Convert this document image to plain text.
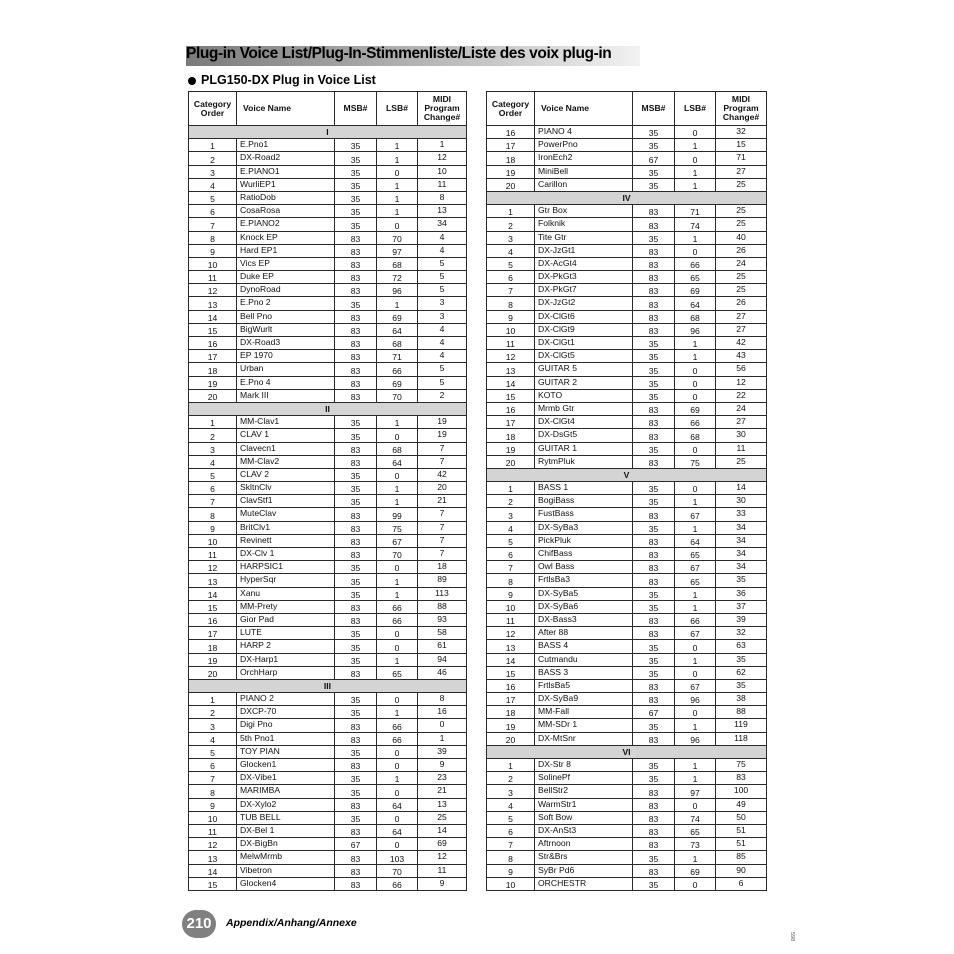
Plug-in Voice List/Plug-In-Stimmenliste/Liste des voix plug-in
PLG150-DX Plug in Voice List
Category
Order	Voice Name	MSB#	LSB#	MIDI
Program
Change#
I				
1	E.Pno1	35	1	1
2	DX-Road2	35	1	12
3	E.PIANO1	35	0	10
4	WurliEP1	35	1	11
5	RatioDob	35	1	8
6	CosaRosa	35	1	13
7	E.PIANO2	35	0	34
8	Knock EP	83	70	4
9	Hard EP1	83	97	4
10	Vics EP	83	68	5
11	Duke EP	83	72	5
12	DynoRoad	83	96	5
13	E.Pno 2	35	1	3
14	Bell Pno	83	69	3
15	BigWurlt	83	64	4
16	DX-Road3	83	68	4
17	EP 1970	83	71	4
18	Urban	83	66	5
19	E.Pno 4	83	69	5
20	Mark III	83	70	2
II				
1	MM-Clav1	35	1	19
2	CLAV 1	35	0	19
3	Clavecn1	83	68	7
4	MM-Clav2	83	64	7
5	CLAV 2	35	0	42
6	SkltnClv	35	1	20
7	ClavStf1	35	1	21
8	MuteClav	83	99	7
9	BritClv1	83	75	7
10	Revinett	83	67	7
11	DX-Clv 1	83	70	7
12	HARPSIC1	35	0	18
13	HyperSqr	35	1	89
14	Xanu	35	1	113
15	MM-Prety	83	66	88
16	Gior Pad	83	66	93
17	LUTE	35	0	58
18	HARP 2	35	0	61
19	DX-Harp1	35	1	94
20	OrchHarp	83	65	46
III				
1	PIANO 2	35	0	8
2	DXCP-70	35	1	16
3	Digi Pno	83	66	0
4	5th Pno1	83	66	1
5	TOY PIAN	35	0	39
6	Glocken1	83	0	9
7	DX-Vibe1	35	1	23
8	MARIMBA	35	0	21
9	DX-Xylo2	83	64	13
10	TUB BELL	35	0	25
11	DX-Bel 1	83	64	14
12	DX-BigBn	67	0	69
13	MelwMrmb	83	103	12
14	Vibetron	83	70	11
15	Glocken4	83	66	9
Category
Order	Voice Name	MSB#	LSB#	MIDI
Program
Change#
16	PIANO 4	35	0	32
17	PowerPno	35	1	15
18	IronEch2	67	0	71
19	MiniBell	35	1	27
20	Carillon	35	1	25
IV				
1	Gtr Box	83	71	25
2	Folknik	83	74	25
3	Tite Gtr	35	1	40
4	DX-JzGt1	83	0	26
5	DX-AcGt4	83	66	24
6	DX-PkGt3	83	65	25
7	DX-PkGt7	83	69	25
8	DX-JzGt2	83	64	26
9	DX-ClGt6	83	68	27
10	DX-ClGt9	83	96	27
11	DX-ClGt1	35	1	42
12	DX-ClGt5	35	1	43
13	GUITAR 5	35	0	56
14	GUITAR 2	35	0	12
15	KOTO	35	0	22
16	Mrmb Gtr	83	69	24
17	DX-ClGt4	83	66	27
18	DX-DsGt5	83	68	30
19	GUITAR 1	35	0	11
20	RytmPluk	83	75	25
V				
1	BASS 1	35	0	14
2	BogiBass	35	1	30
3	FustBass	83	67	33
4	DX-SyBa3	35	1	34
5	PickPluk	83	64	34
6	ChifBass	83	65	34
7	Owl Bass	83	67	34
8	FrtlsBa3	83	65	35
9	DX-SyBa5	35	1	36
10	DX-SyBa6	35	1	37
11	DX-Bass3	83	66	39
12	After 88	83	67	32
13	BASS 4	35	0	63
14	Cutmandu	35	1	35
15	BASS 3	35	0	62
16	FrtlsBa5	83	67	35
17	DX-SyBa9	83	96	38
18	MM-Fall	67	0	88
19	MM-SDr 1	35	1	119
20	DX-MtSnr	83	96	118
VI				
1	DX-Str 8	35	1	75
2	SolinePf	35	1	83
3	BellStr2	83	97	100
4	WarmStr1	83	0	49
5	Soft Bow	83	74	50
6	DX-AnSt3	83	65	51
7	Aftrnoon	83	73	51
8	Str&Brs	35	1	85
9	SyBr Pd6	83	69	90
10	ORCHESTR	35	0	6
210	Appendix/Anhang/Annexe
598
